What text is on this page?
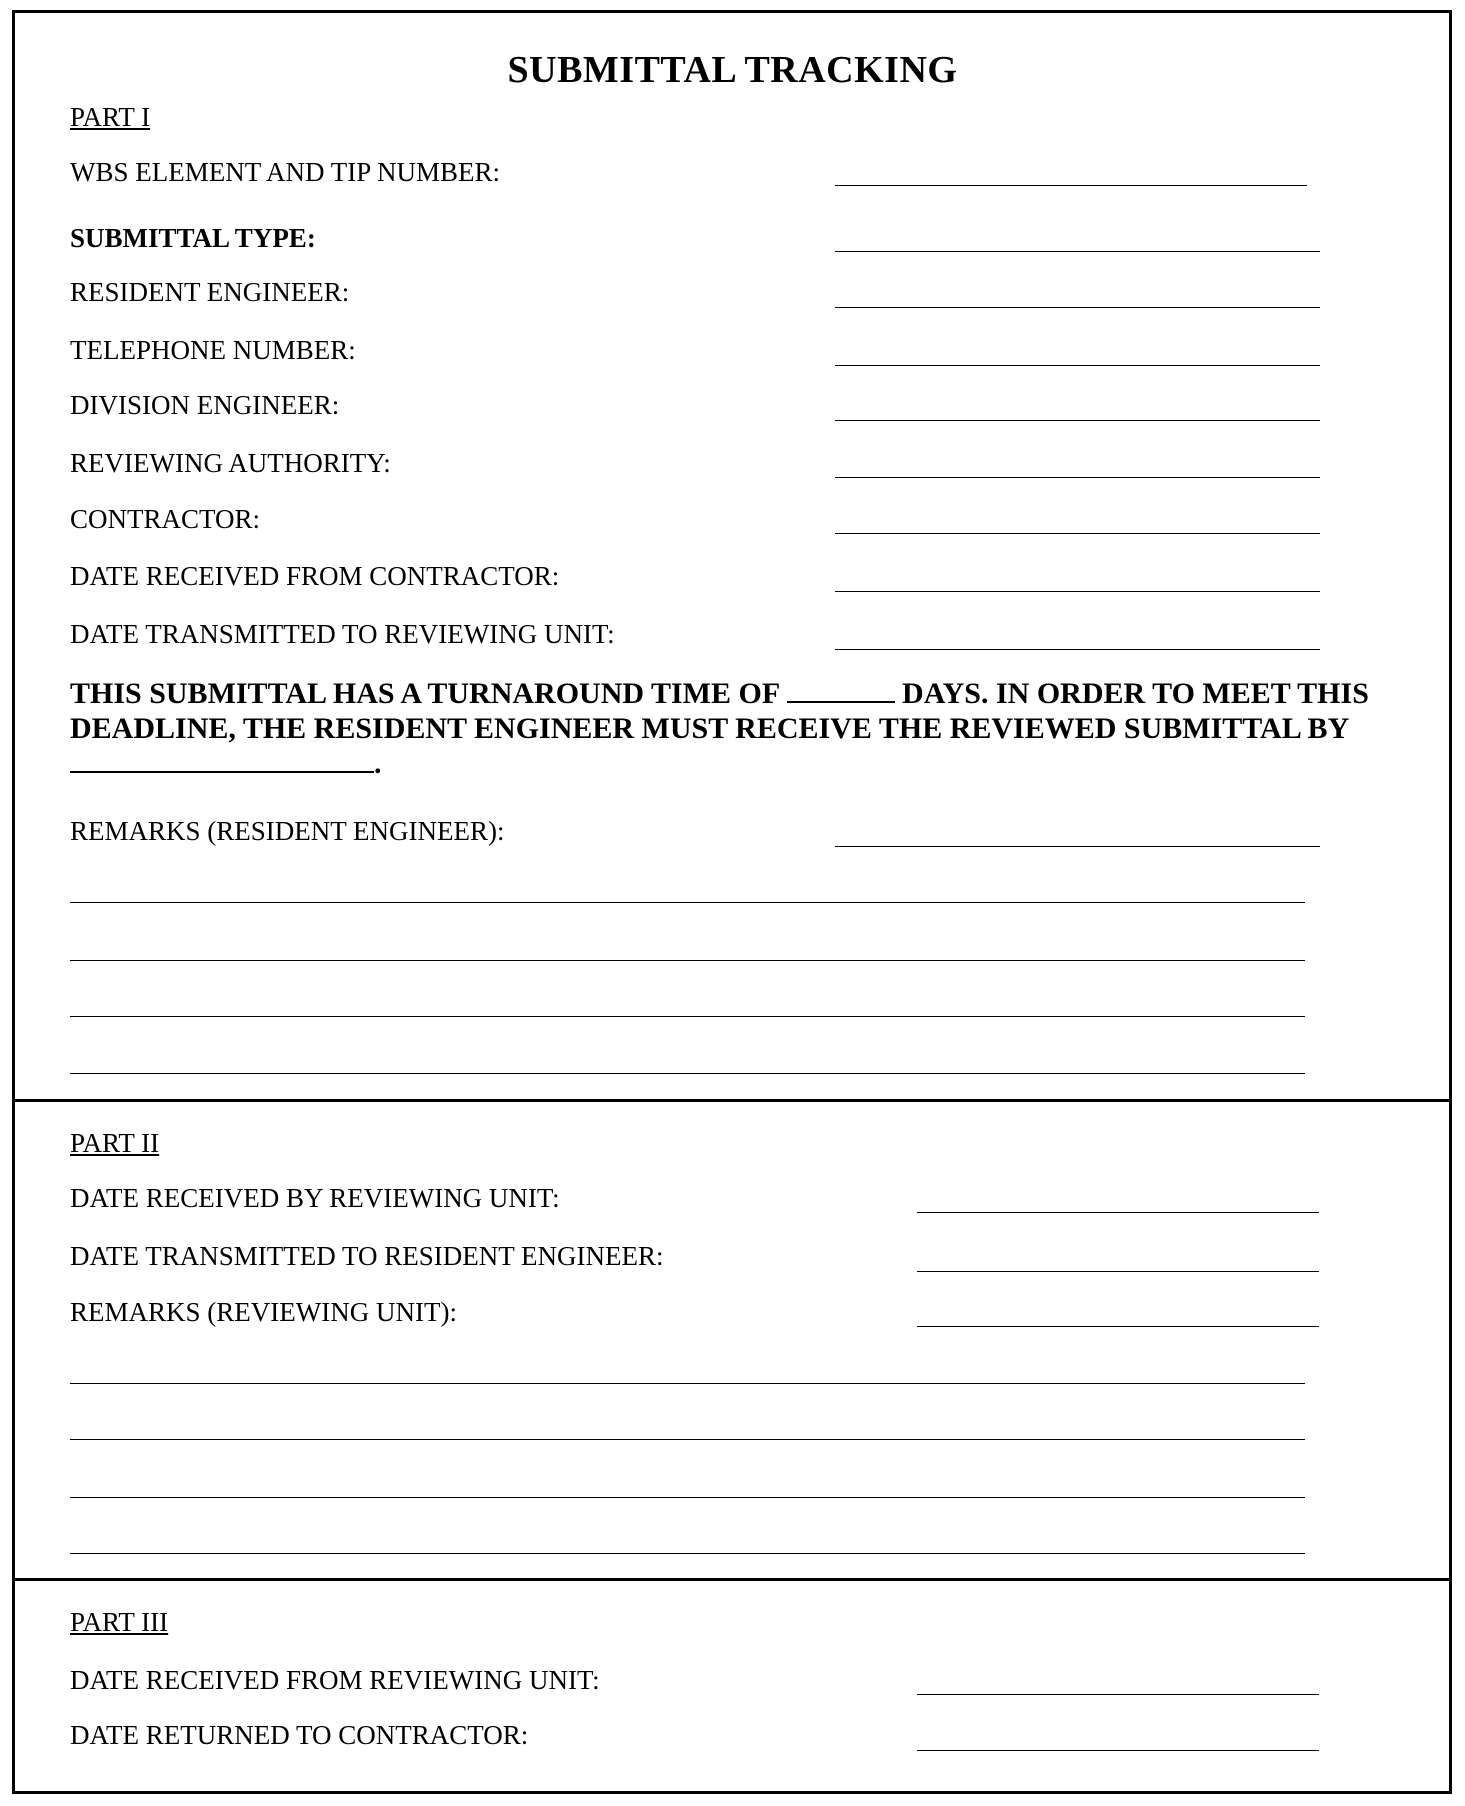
SUBMITTAL TRACKING
PART I
WBS ELEMENT AND TIP NUMBER:
SUBMITTAL TYPE:
RESIDENT ENGINEER:
TELEPHONE NUMBER:
DIVISION ENGINEER:
REVIEWING AUTHORITY:
CONTRACTOR:
DATE RECEIVED FROM CONTRACTOR:
DATE TRANSMITTED TO REVIEWING UNIT:
THIS SUBMITTAL HAS A TURNAROUND TIME OF	DAYS. IN ORDER TO MEET THIS DEADLINE, THE RESIDENT ENGINEER MUST RECEIVE THE REVIEWED SUBMITTAL BY .
REMARKS (RESIDENT ENGINEER):
PART II
DATE RECEIVED BY REVIEWING UNIT:
DATE TRANSMITTED TO RESIDENT ENGINEER:
REMARKS (REVIEWING UNIT):
PART III
DATE RECEIVED FROM REVIEWING UNIT:
DATE RETURNED TO CONTRACTOR:
